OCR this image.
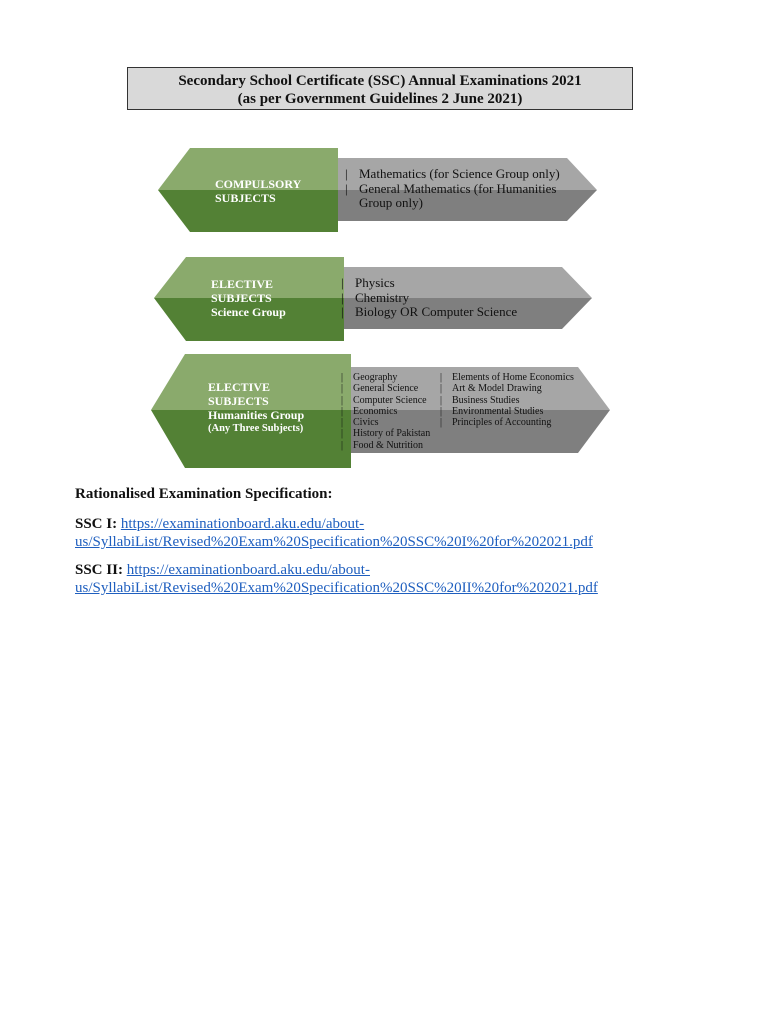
Secondary School Certificate (SSC) Annual Examinations 2021
(as per Government Guidelines 2 June 2021)
COMPULSORY
SUBJECTS
| Mathematics (for Science Group only)
| General Mathematics (for Humanities
Group only)
ELECTIVE
SUBJECTS
Science Group
| Physics
| Chemistry
| Biology OR Computer Science
ELECTIVE
SUBJECTS
Humanities Group
(Any Three Subjects)
| Geography
| General Science
| Computer Science
| Economics
| Civics
| History of Pakistan
| Food & Nutrition
| Elements of Home Economics
| Art & Model Drawing
| Business Studies
| Environmental Studies
| Principles of Accounting
Rationalised Examination Specification:
SSC I: https://examinationboard.aku.edu/about-
us/SyllabiList/Revised%20Exam%20Specification%20SSC%20I%20for%202021.pdf
SSC II: https://examinationboard.aku.edu/about-
us/SyllabiList/Revised%20Exam%20Specification%20SSC%20II%20for%202021.pdf
